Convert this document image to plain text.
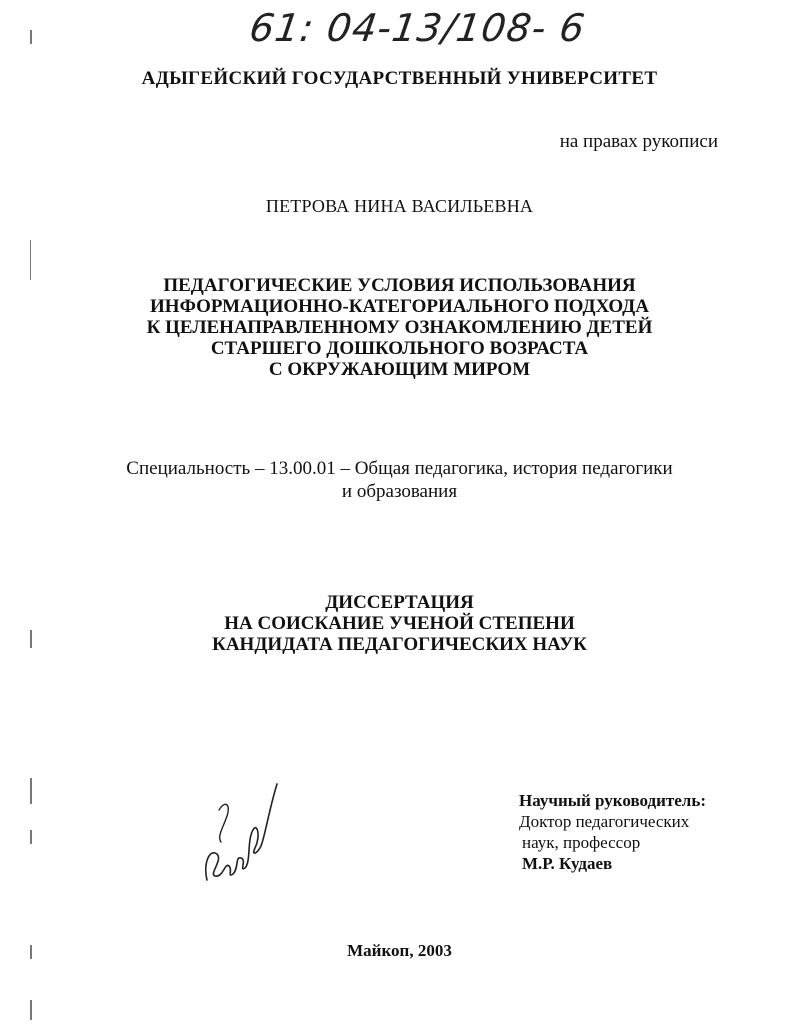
61: 04-13/108- 6
АДЫГЕЙСКИЙ ГОСУДАРСТВЕННЫЙ УНИВЕРСИТЕТ
на правах рукописи
ПЕТРОВА НИНА ВАСИЛЬЕВНА
ПЕДАГОГИЧЕСКИЕ УСЛОВИЯ ИСПОЛЬЗОВАНИЯ
ИНФОРМАЦИОННО-КАТЕГОРИАЛЬНОГО ПОДХОДА
К ЦЕЛЕНАПРАВЛЕННОМУ ОЗНАКОМЛЕНИЮ ДЕТЕЙ
СТАРШЕГО ДОШКОЛЬНОГО ВОЗРАСТА
С ОКРУЖАЮЩИМ МИРОМ
Специальность – 13.00.01 – Общая педагогика, история педагогики
и образования
ДИССЕРТАЦИЯ
НА СОИСКАНИЕ УЧЕНОЙ СТЕПЕНИ
КАНДИДАТА ПЕДАГОГИЧЕСКИХ НАУК
Научный руководитель:
Доктор педагогических
наук, профессор
М.Р. Кудаев
Майкоп, 2003
